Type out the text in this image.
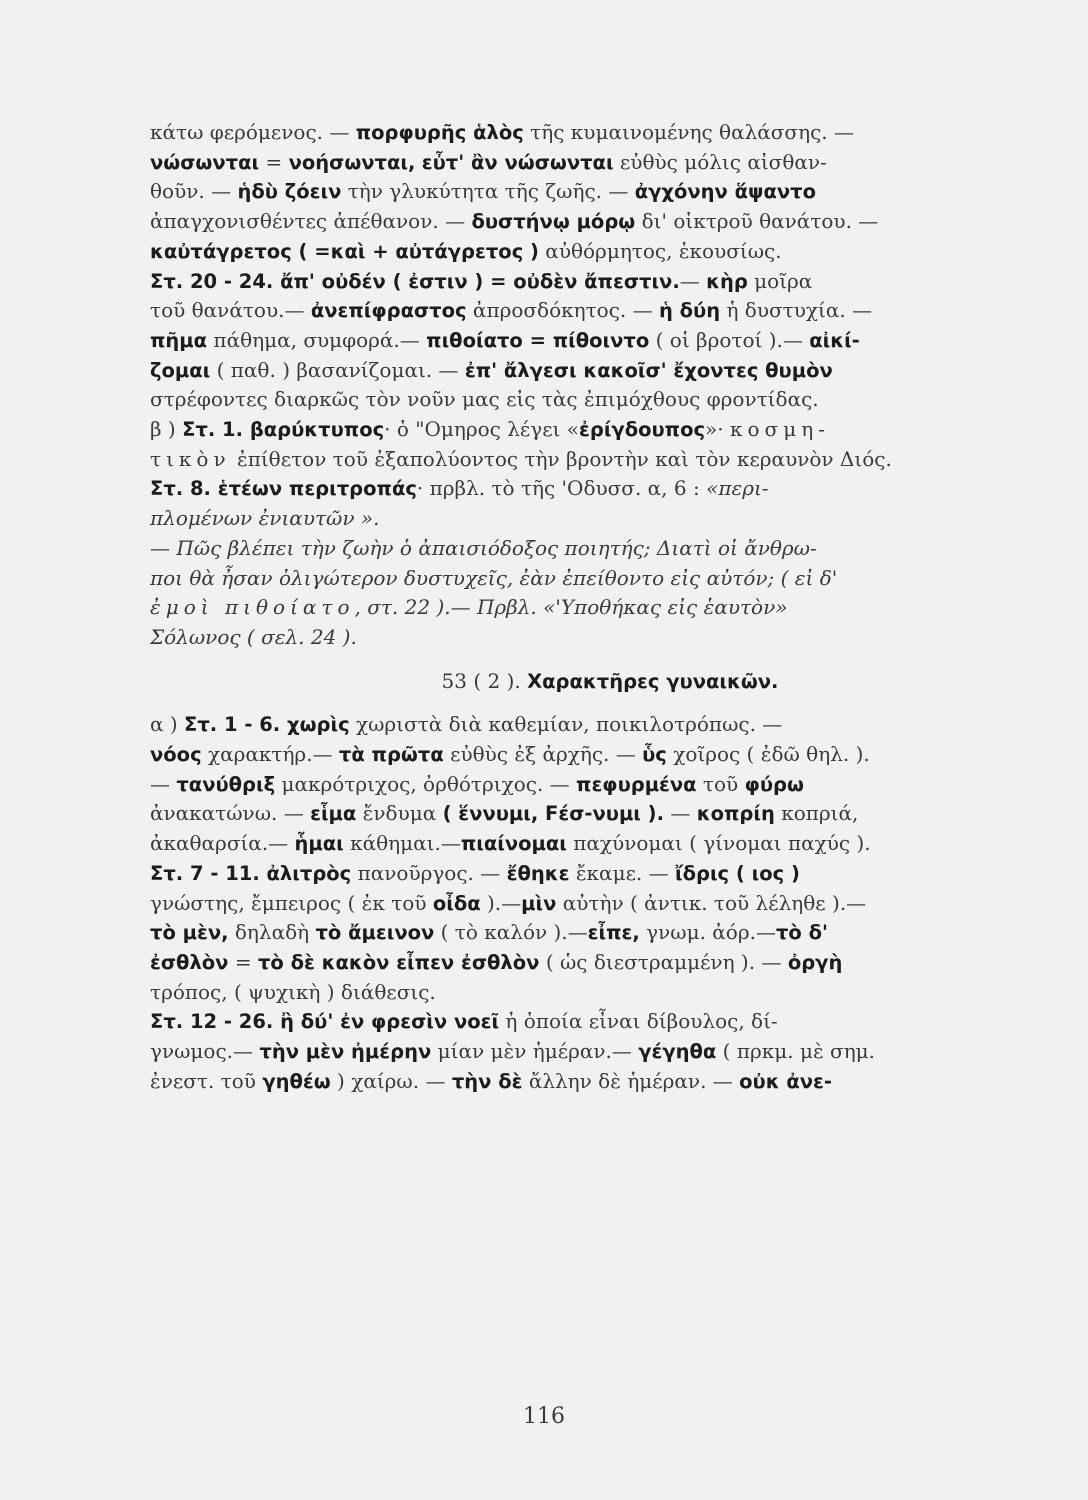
κάτω φερόμενος. — πορφυρῆς ἁλὸς τῆς κυμαινομένης θαλάσσης. —
νώσωνται = νοήσωνται, εὖτ' ἂν νώσωνται εὐθὺς μόλις αἰσθαν-
θοῦν. — ἡδὺ ζόειν τὴν γλυκύτητα τῆς ζωῆς. — ἀγχόνην ἅψαντο
ἀπαγχονισθέντες ἀπέθανον. — δυστήνῳ μόρῳ δι' οἰκτροῦ θανάτου. —
καὐτάγρετος ( =καὶ + αὐτάγρετος ) αὐθόρμητος, ἑκουσίως.
Στ. 20 - 24. ἄπ' οὐδέν ( ἐστιν ) = οὐδὲν ἄπεστιν.— κὴρ μοῖρα
τοῦ θανάτου.— ἀνεπίφραστος ἀπροσδόκητος. — ἡ δύη ἡ δυστυχία. —
πῆμα πάθημα, συμφορά.— πιθοίατο = πίθοιντο ( οἱ βροτοί ).— αἰκί-
ζομαι ( παθ. ) βασανίζομαι. — ἐπ' ἄλγεσι κακοῖσ' ἔχοντες θυμὸν
στρέφοντες διαρκῶς τὸν νοῦν μας εἰς τὰς ἐπιμόχθους φροντίδας.
β ) Στ. 1. βαρύκτυπος· ὁ "Ομηρος λέγει «ἐρίγδουπος»· κοσμη-
τικὸν ἐπίθετον τοῦ ἐξαπολύοντος τὴν βροντὴν καὶ τὸν κεραυνὸν Διός.
Στ. 8. ἑτέων περιτροπάς· πρβλ. τὸ τῆς 'Οδυσσ. α, 6 : «περι-
πλομένων ἐνιαυτῶν ».
— Πῶς βλέπει τὴν ζωὴν ὁ ἀπαισιόδοξος ποιητής; Διατὶ οἱ ἄνθρω-
ποι θὰ ἦσαν ὀλιγώτερον δυστυχεῖς, ἐὰν ἐπείθοντο εἰς αὐτόν; ( εἰ δ'
ἐμοὶ πιθοίατο, στ. 22 ).— Πρβλ. «'Υποθήκας εἰς ἑαυτὸν»
Σόλωνος ( σελ. 24 ).
53 ( 2 ). Χαρακτῆρες γυναικῶν.
α ) Στ. 1 - 6. χωρὶς χωριστὰ διὰ καθεμίαν, ποικιλοτρόπως. —
νόος χαρακτήρ.— τὰ πρῶτα εὐθὺς ἐξ ἀρχῆς. — ὗς χοῖρος ( ἐδῶ θηλ. ).
— τανύθριξ μακρότριχος, ὀρθότριχος. — πεφυρμένα τοῦ φύρω
ἀνακατώνω. — εἷμα ἔνδυμα ( ἕννυμι, Fέσ-νυμι ). — κοπρίη κοπριά,
ἀκαθαρσία.— ἧμαι κάθημαι.—πιαίνομαι παχύνομαι ( γίνομαι παχύς ).
Στ. 7 - 11. ἀλιτρὸς πανοῦργος. — ἔθηκε ἔκαμε. — ἴδρις ( ιος )
γνώστης, ἔμπειρος ( ἐκ τοῦ οἶδα ).—μὶν αὐτὴν ( ἀντικ. τοῦ λέληθε ).—
τὸ μὲν, δηλαδὴ τὸ ἄμεινον ( τὸ καλόν ).—εἶπε, γνωμ. ἀόρ.—τὸ δ'
ἐσθλὸν = τὸ δὲ κακὸν εἶπεν ἐσθλὸν ( ὡς διεστραμμένη ). — ὀργὴ
τρόπος, ( ψυχικὴ ) διάθεσις.
Στ. 12 - 26. ἢ δύ' ἐν φρεσὶν νοεῖ ἡ ὁποία εἶναι δίβουλος, δί-
γνωμος.— τὴν μὲν ἠμέρην μίαν μὲν ἡμέραν.— γέγηθα ( πρκμ. μὲ σημ.
ἐνεστ. τοῦ γηθέω ) χαίρω. — τὴν δὲ ἄλλην δὲ ἡμέραν. — οὐκ ἀνε-
116
